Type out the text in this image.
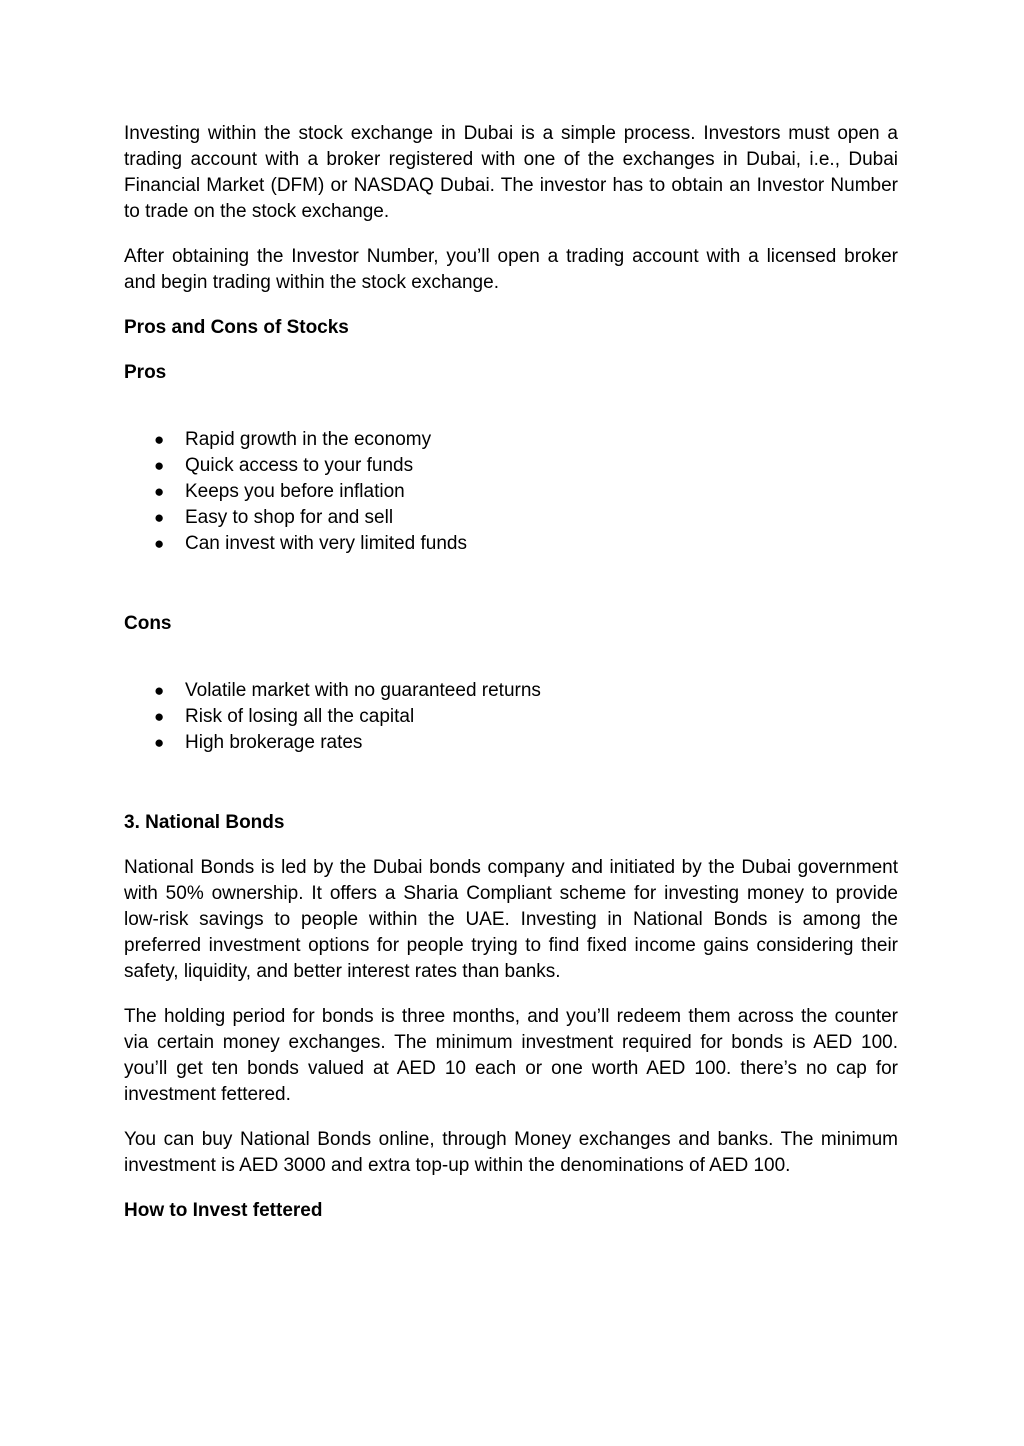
Investing within the stock exchange in Dubai is a simple process. Investors must open a trading account with a broker registered with one of the exchanges in Dubai, i.e., Dubai Financial Market (DFM) or NASDAQ Dubai. The investor has to obtain an Investor Number to trade on the stock exchange.

After obtaining the Investor Number, you’ll open a trading account with a licensed broker and begin trading within the stock exchange.

Pros and Cons of Stocks

Pros

● Rapid growth in the economy
● Quick access to your funds
● Keeps you before inflation
● Easy to shop for and sell
● Can invest with very limited funds

Cons

● Volatile market with no guaranteed returns
● Risk of losing all the capital
● High brokerage rates

3. National Bonds

National Bonds is led by the Dubai bonds company and initiated by the Dubai government with 50% ownership. It offers a Sharia Compliant scheme for investing money to provide low-risk savings to people within the UAE. Investing in National Bonds is among the preferred investment options for people trying to find fixed income gains considering their safety, liquidity, and better interest rates than banks.

The holding period for bonds is three months, and you’ll redeem them across the counter via certain money exchanges. The minimum investment required for bonds is AED 100. you’ll get ten bonds valued at AED 10 each or one worth AED 100. there’s no cap for investment fettered.

You can buy National Bonds online, through Money exchanges and banks. The minimum investment is AED 3000 and extra top-up within the denominations of AED 100.

How to Invest fettered
